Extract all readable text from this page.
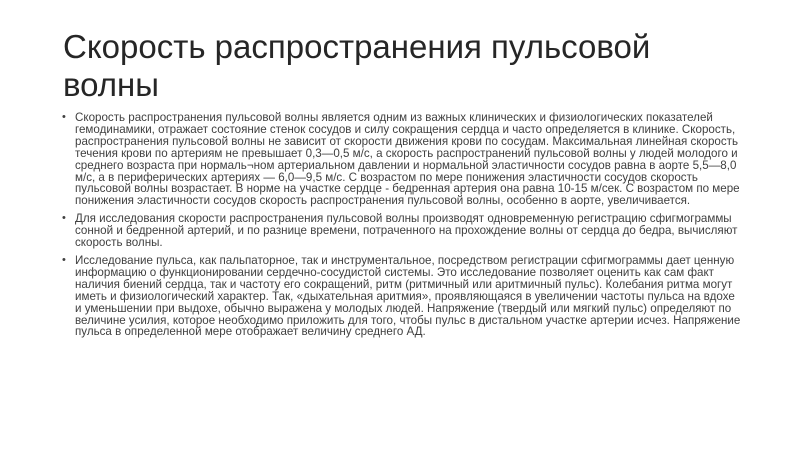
Скорость распространения пульсовой волны
• Скорость распространения пульсовой волны является одним из важных клинических и физиологических показателей гемодинамики, отражает состояние стенок сосудов и силу сокращения сердца и часто определяется в клинике. Скорость, распространения пульсовой волны не зависит от скорости движения крови по сосудам. Максимальная линейная скорость течения крови по артериям не превышает 0,3—0,5 м/с, а скорость распространений пульсовой волны у людей молодого и среднего возраста при нормаль¬ном артериальном давлении и нормальной эластичности сосудов равна в аорте 5,5—8,0 м/с, а в периферических артериях — 6,0—9,5 м/с. С возрастом по мере понижения эластичности сосудов скорость пульсовой волны возрастает. В норме на участке сердце - бедренная артерия она равна 10-15 м/сек. С возрастом по мере понижения эластичности сосудов скорость распространения пульсовой волны, особенно в аорте, увеличивается.
• Для исследования скорости распространения пульсовой волны производят одновременную регистрацию сфигмограммы сонной и бедренной артерий, и по разнице времени, потраченного на прохождение волны от сердца до бедра, вычисляют скорость волны.
• Исследование пульса, как пальпаторное, так и инструментальное, посредством регистрации сфигмограммы дает ценную информацию о функционировании сердечно-сосудистой системы. Это исследование позволяет оценить как сам факт наличия биений сердца, так и частоту его сокращений, ритм (ритмичный или аритмичный пульс). Колебания ритма могут иметь и физиологический характер. Так, «дыхательная аритмия», проявляющаяся в увеличении частоты пульса на вдохе и уменьшении при выдохе, обычно выражена у молодых людей. Напряжение (твердый или мягкий пульс) определяют по величине усилия, которое необходимо приложить для того, чтобы пульс в дистальном участке артерии исчез. Напряжение пульса в определенной мере отображает величину среднего АД.
